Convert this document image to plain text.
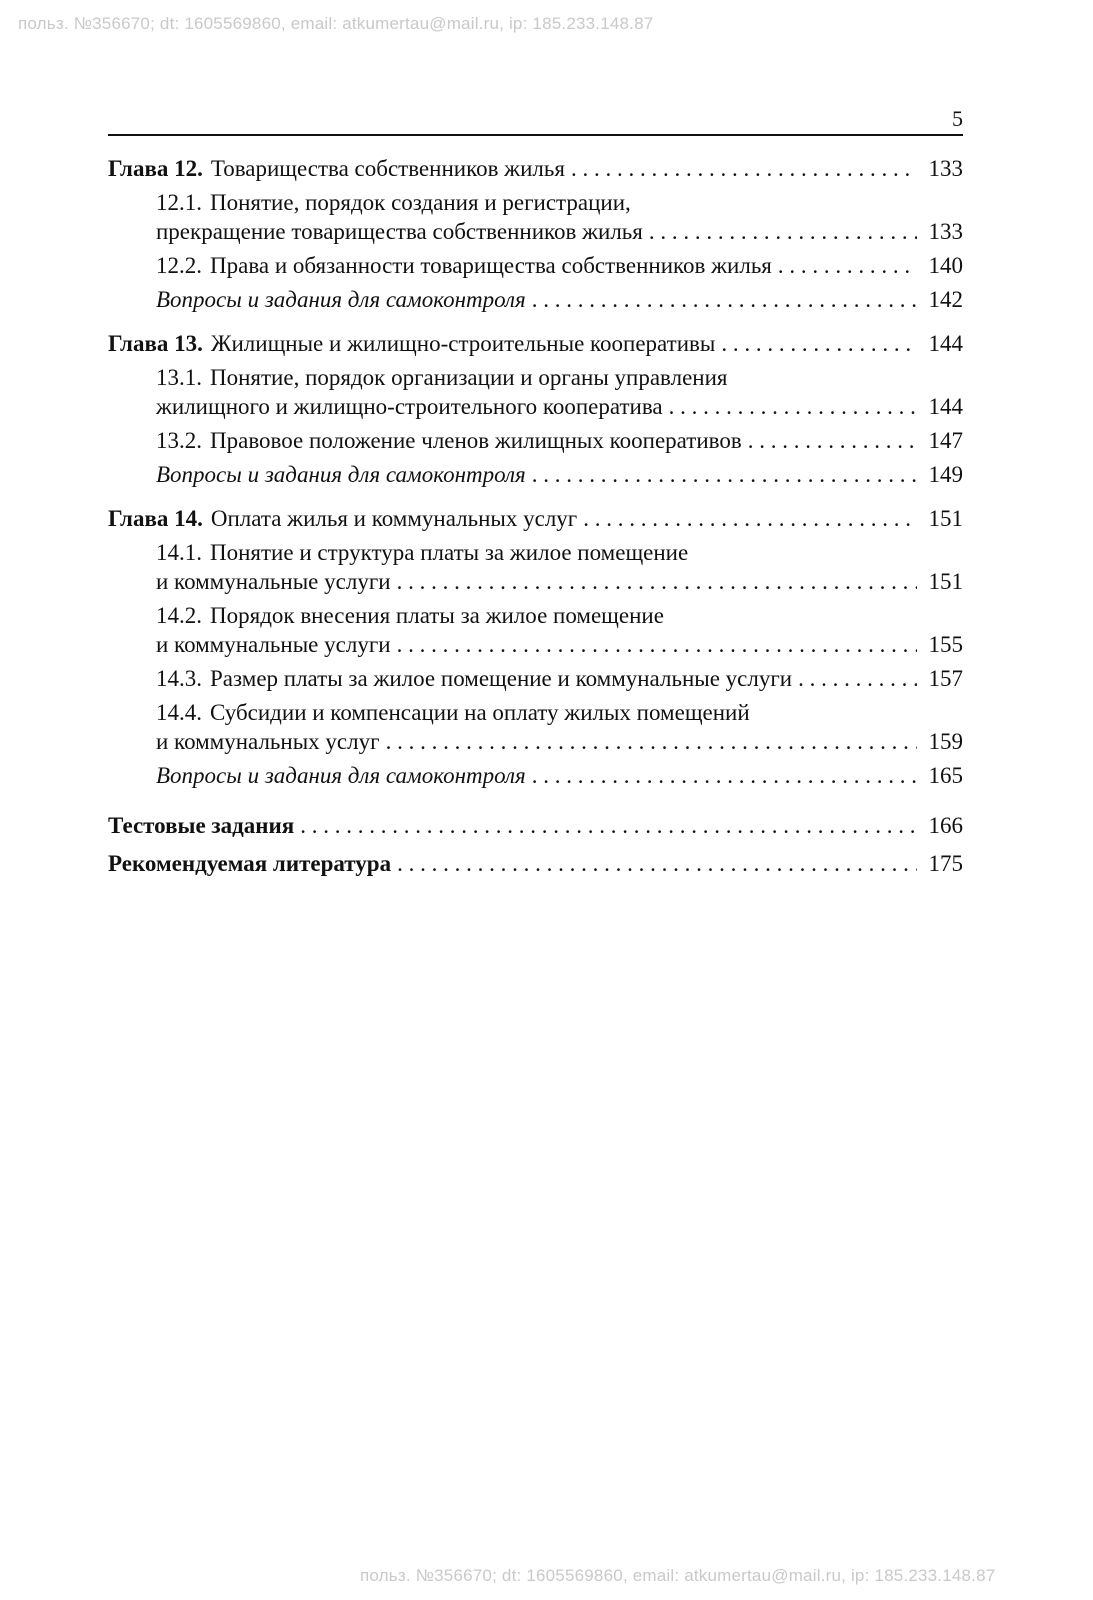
польз. №356670; dt: 1605569860, email: atkumertau@mail.ru, ip: 185.233.148.87
5
Глава 12. Товарищества собственников жилья . . .	133
12.1. Понятие, порядок создания и регистрации,
прекращение товарищества собственников жилья . . .	133
12.2. Права и обязанности товарищества собственников жилья . . .	140
Вопросы и задания для самоконтроля . . .	142
Глава 13. Жилищные и жилищно-строительные кооперативы . . .	144
13.1. Понятие, порядок организации и органы управления
жилищного и жилищно-строительного кооператива . . .	144
13.2. Правовое положение членов жилищных кооперативов . . .	147
Вопросы и задания для самоконтроля . . .	149
Глава 14. Оплата жилья и коммунальных услуг . . .	151
14.1. Понятие и структура платы за жилое помещение
и коммунальные услуги . . .	151
14.2. Порядок внесения платы за жилое помещение
и коммунальные услуги . . .	155
14.3. Размер платы за жилое помещение и коммунальные услуги . . .	157
14.4. Субсидии и компенсации на оплату жилых помещений
и коммунальных услуг . . .	159
Вопросы и задания для самоконтроля . . .	165
Тестовые задания . . .	166
Рекомендуемая литература . . .	175
польз. №356670; dt: 1605569860, email: atkumertau@mail.ru, ip: 185.233.148.87
